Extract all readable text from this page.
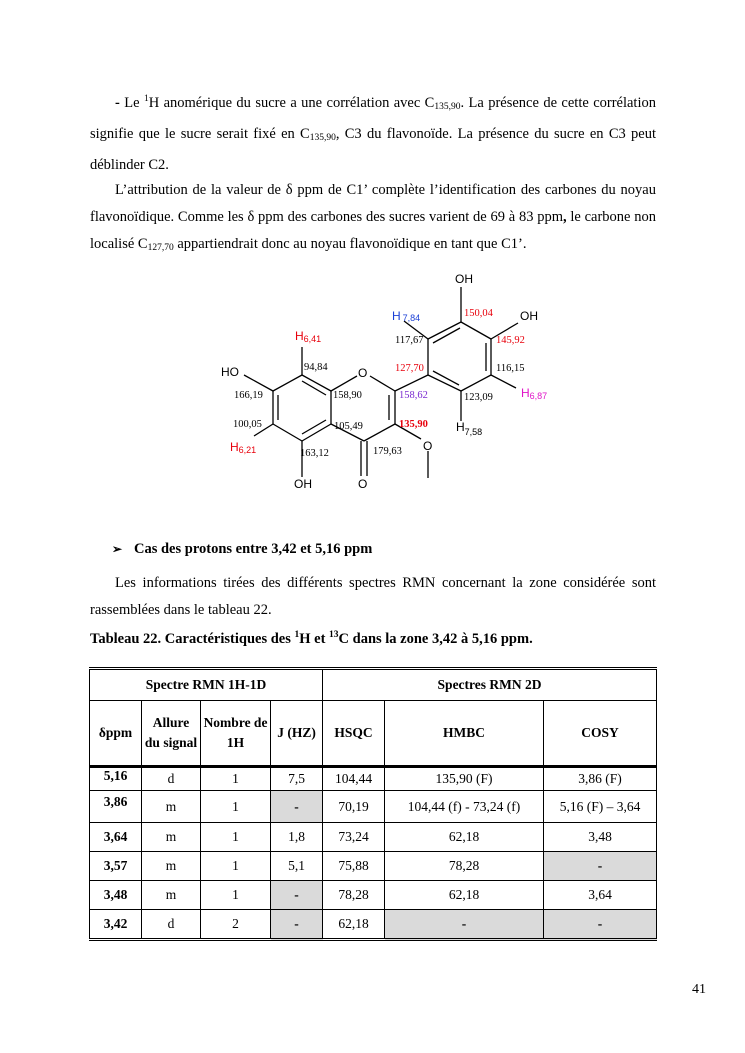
- Le $^1$H anomérique du sucre a une corrélation avec $C_{135,90}$. La présence de cette corrélation signifie que le sucre serait fixé en $C_{135,90}$, C3 du flavonoïde. La présence du sucre en C3 peut déblinder C2.

L’attribution de la valeur de δ ppm de C1’ complète l’identification des carbones du noyau flavonoïdique. Comme les δ ppm des carbones des sucres varient de 69 à 83 ppm, le carbone non localisé $C_{127,70}$ appartiendrait donc au noyau flavonoïdique en tant que C1’.

OH
OH
HO
OH
O
O
O
H6,41
H6,21
H 7,84
H6,87
$H_{7,58}$
94,84
166,19	158,90
100,05	105,49
163,12	179,63
158,62
135,90
127,70
117,67
150,04
145,92
116,15
123,09
➢ Cas des protons entre 3,42 et 5,16 ppm

Les informations tirées des différents spectres RMN concernant la zone considérée sont rassemblées dans le tableau 22.

Tableau 22. Caractéristiques des $^1$H et $^{13}$C dans la zone 3,42 à 5,16 ppm.
Spectre RMN 1H-1D				Spectres RMN 2D		
δppm	Allure du signal	Nombre de 1H	J (HZ)	HSQC	HMBC	COSY
5,16	d	1	7,5	104,44	135,90 (F)	3,86 (F)
3,86	m	1	-	70,19	104,44 (f) - 73,24 (f)	5,16 (F) – 3,64
3,64	m	1	1,8	73,24	62,18	3,48
3,57	m	1	5,1	75,88	78,28	-
3,48	m	1	-	78,28	62,18	3,64
3,42	d	2	-	62,18	-	-
41
